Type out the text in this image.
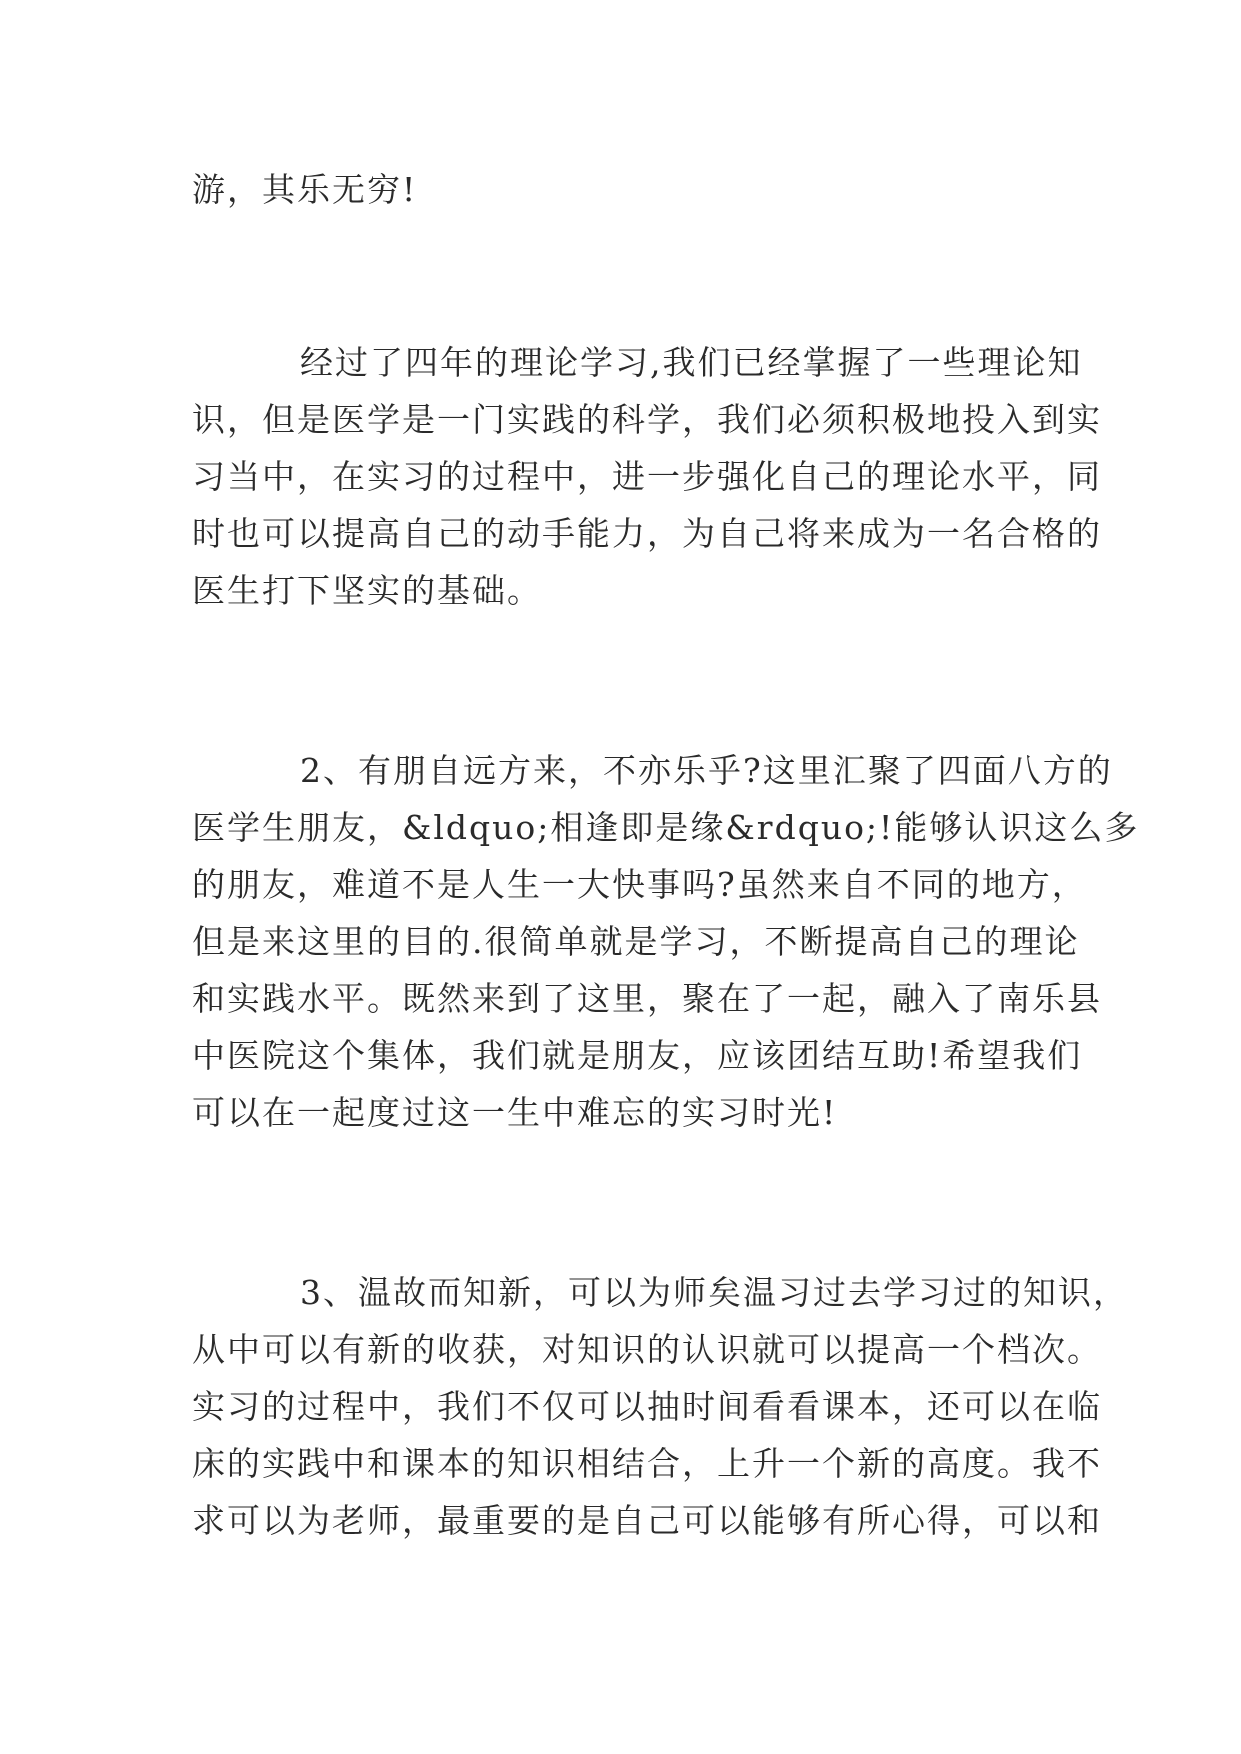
游，其乐无穷!
经过了四年的理论学习,我们已经掌握了一些理论知
识，但是医学是一门实践的科学，我们必须积极地投入到实
习当中，在实习的过程中，进一步强化自己的理论水平，同
时也可以提高自己的动手能力，为自己将来成为一名合格的
医生打下坚实的基础。
2、有朋自远方来，不亦乐乎?这里汇聚了四面八方的
医学生朋友，&ldquo;相逢即是缘&rdquo;!能够认识这么多
的朋友，难道不是人生一大快事吗?虽然来自不同的地方，
但是来这里的目的.很简单就是学习，不断提高自己的理论
和实践水平。既然来到了这里，聚在了一起，融入了南乐县
中医院这个集体，我们就是朋友，应该团结互助!希望我们
可以在一起度过这一生中难忘的实习时光!
3、温故而知新，可以为师矣温习过去学习过的知识，
从中可以有新的收获，对知识的认识就可以提高一个档次。
实习的过程中，我们不仅可以抽时间看看课本，还可以在临
床的实践中和课本的知识相结合，上升一个新的高度。我不
求可以为老师，最重要的是自己可以能够有所心得，可以和
